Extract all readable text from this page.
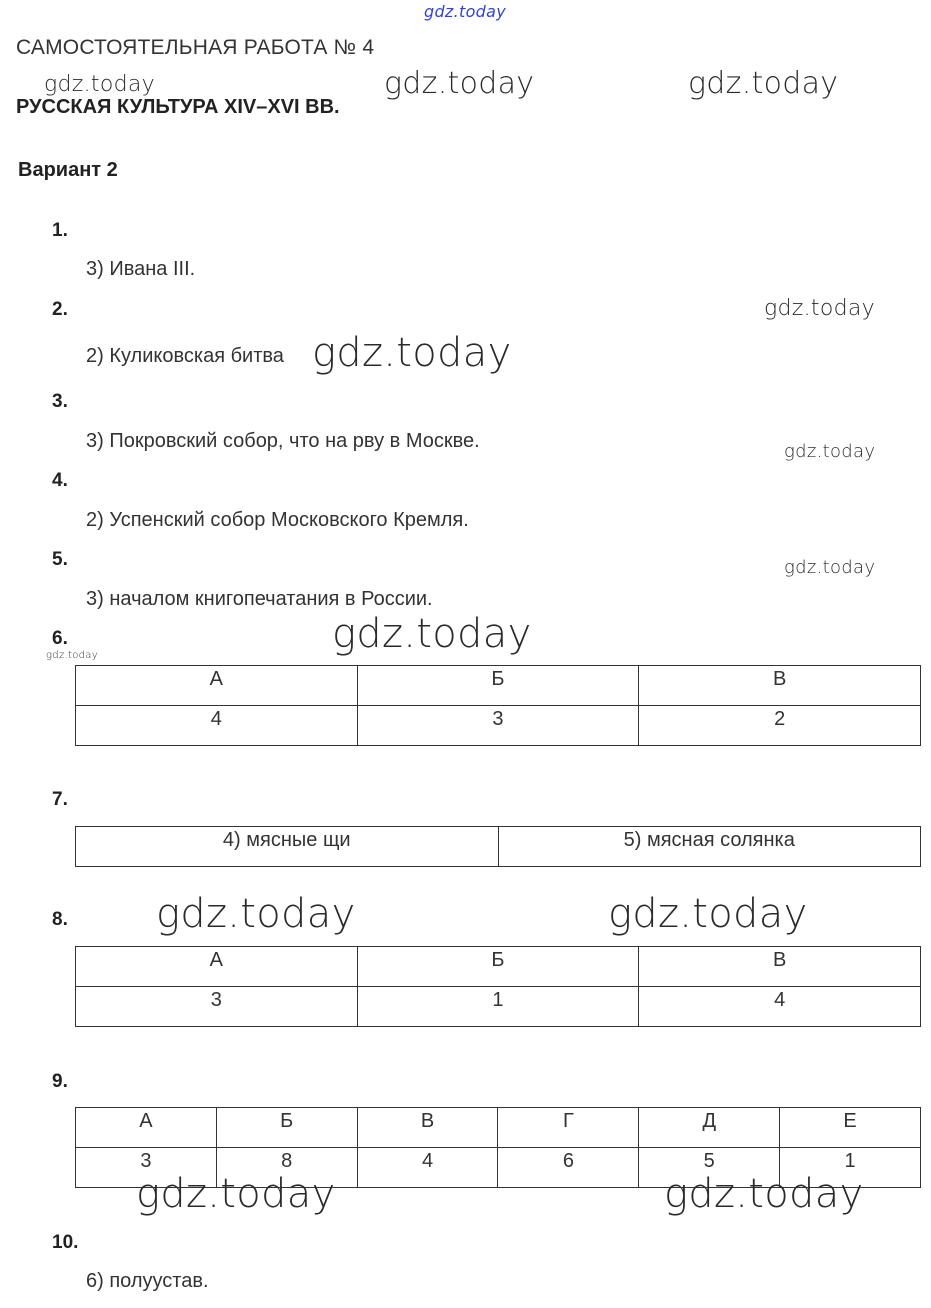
gdz.today
gdz.today	gdz.today	gdz.today
gdz.today
gdz.today
gdz.today
gdz.today
gdz.today
gdz.today
gdz.today	gdz.today
САМОСТОЯТЕЛЬНАЯ РАБОТА № 4
РУССКАЯ КУЛЬТУРА XIV–XVI ВВ.
Вариант 2
1.
3) Ивана III.
2.
2) Куликовская битва
3.
3) Покровский собор, что на рву в Москве.
4.
2) Успенский собор Московского Кремля.
5.
3) началом книгопечатания в России.
6.
А	Б	В
4	3	2
7.
4) мясные щи	5) мясная солянка
8.
А	Б	В
3	1	4
9.
А	Б	В	Г	Д	Е
3	8	4	6	5	1
gdz.today	gdz.today
10.
6) полуустав.
